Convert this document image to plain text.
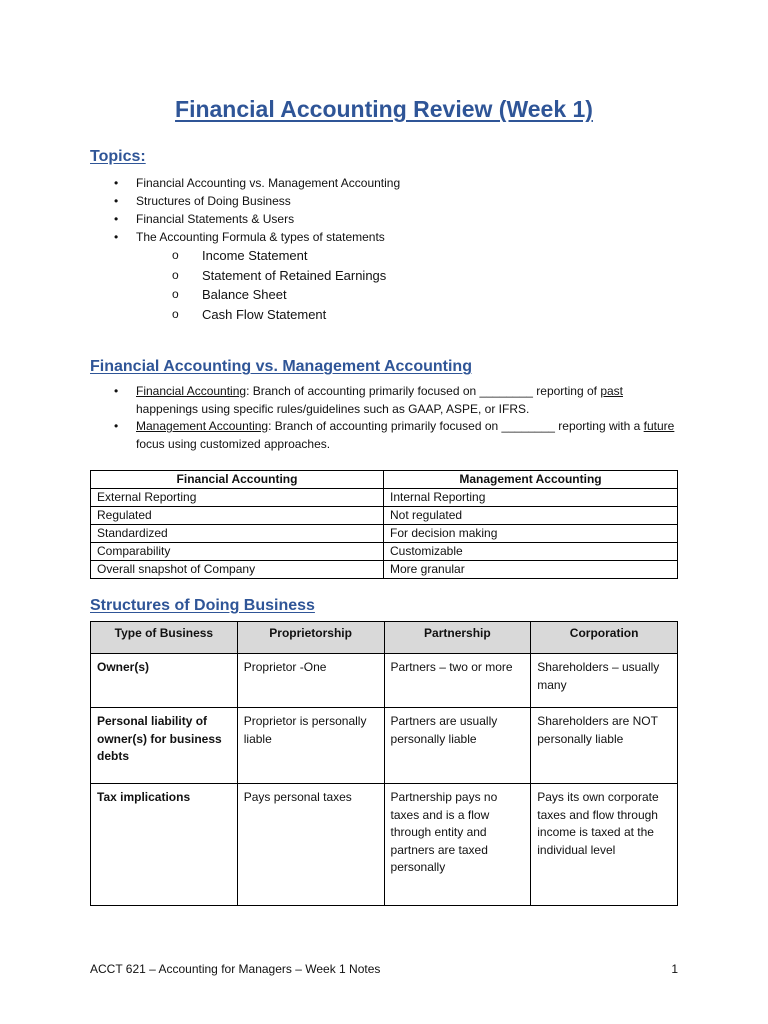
Financial Accounting Review (Week 1)
Topics:
• Financial Accounting vs. Management Accounting
• Structures of Doing Business
• Financial Statements & Users
• The Accounting Formula & types of statements
o Income Statement
o Statement of Retained Earnings
o Balance Sheet
o Cash Flow Statement
Financial Accounting vs. Management Accounting
• Financial Accounting: Branch of accounting primarily focused on ________ reporting of past happenings using specific rules/guidelines such as GAAP, ASPE, or IFRS.
• Management Accounting: Branch of accounting primarily focused on ________ reporting with a future focus using customized approaches.
Financial Accounting	Management Accounting
External Reporting	Internal Reporting
Regulated	Not regulated
Standardized	For decision making
Comparability	Customizable
Overall snapshot of Company	More granular
Structures of Doing Business
Type of Business	Proprietorship	Partnership	Corporation
Owner(s)	Proprietor -One	Partners – two or more	Shareholders – usually many
Personal liability of owner(s) for business debts	Proprietor is personally liable	Partners are usually personally liable	Shareholders are NOT personally liable
Tax implications	Pays personal taxes	Partnership pays no taxes and is a flow through entity and partners are taxed personally	Pays its own corporate taxes and flow through income is taxed at the individual level
ACCT 621 – Accounting for Managers – Week 1 Notes	1
